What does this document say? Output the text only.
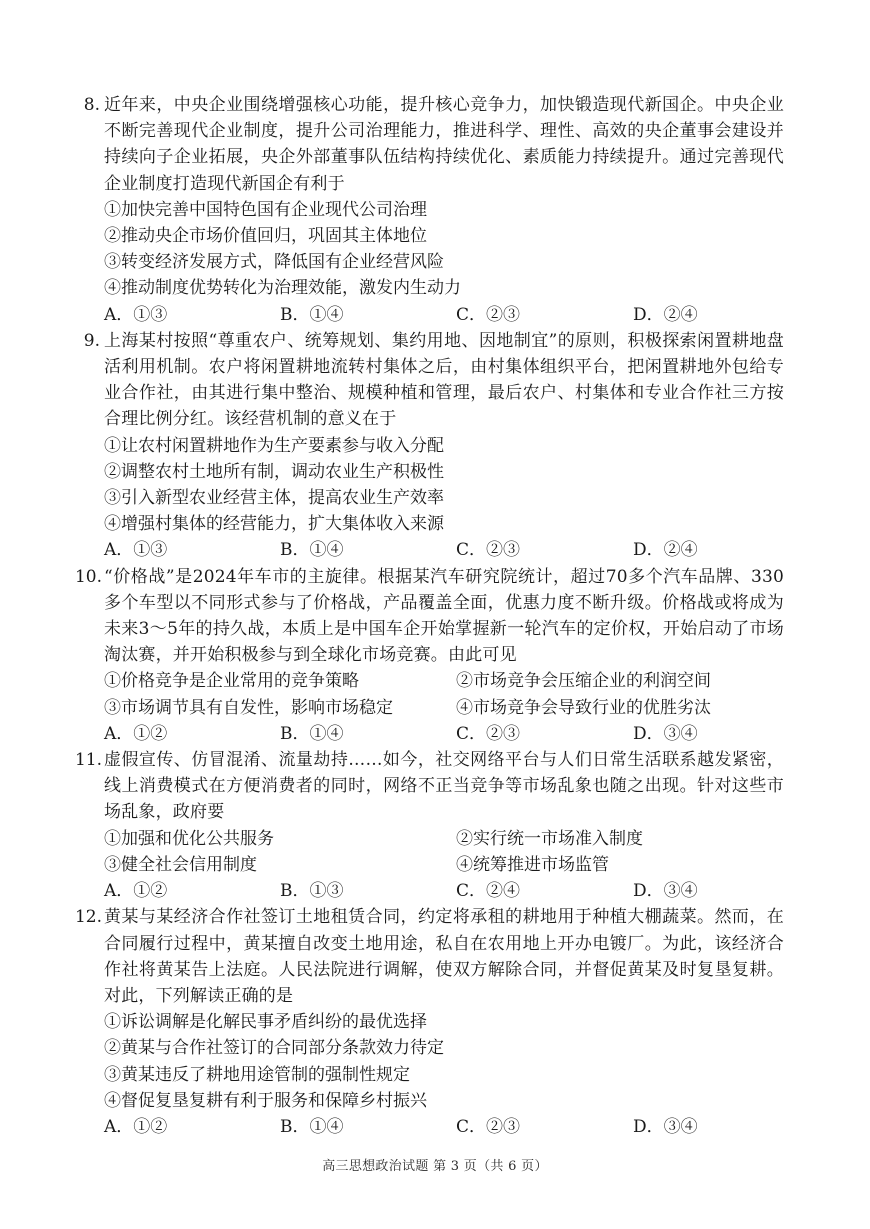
8. 近年来，中央企业围绕增强核心功能，提升核心竞争力，加快锻造现代新国企。中央企业不断完善现代企业制度，提升公司治理能力，推进科学、理性、高效的央企董事会建设并持续向子企业拓展，央企外部董事队伍结构持续优化、素质能力持续提升。通过完善现代企业制度打造现代新国企有利于
①加快完善中国特色国有企业现代公司治理
②推动央企市场价值回归，巩固其主体地位
③转变经济发展方式，降低国有企业经营风险
④推动制度优势转化为治理效能，激发内生动力
A．①③	B．①④	C．②③	D．②④
9. 上海某村按照“尊重农户、统筹规划、集约用地、因地制宜”的原则，积极探索闲置耕地盘活利用机制。农户将闲置耕地流转村集体之后，由村集体组织平台，把闲置耕地外包给专业合作社，由其进行集中整治、规模种植和管理，最后农户、村集体和专业合作社三方按合理比例分红。该经营机制的意义在于
①让农村闲置耕地作为生产要素参与收入分配
②调整农村土地所有制，调动农业生产积极性
③引入新型农业经营主体，提高农业生产效率
④增强村集体的经营能力，扩大集体收入来源
A．①③	B．①④	C．②③	D．②④
10. “价格战”是2024年车市的主旋律。根据某汽车研究院统计，超过70多个汽车品牌、330多个车型以不同形式参与了价格战，产品覆盖全面，优惠力度不断升级。价格战或将成为未来3～5年的持久战，本质上是中国车企开始掌握新一轮汽车的定价权，开始启动了市场淘汰赛，并开始积极参与到全球化市场竞赛。由此可见
①价格竞争是企业常用的竞争策略	②市场竞争会压缩企业的利润空间
③市场调节具有自发性，影响市场稳定	④市场竞争会导致行业的优胜劣汰
A．①②	B．①④	C．②③	D．③④
11. 虚假宣传、仿冒混淆、流量劫持……如今，社交网络平台与人们日常生活联系越发紧密，线上消费模式在方便消费者的同时，网络不正当竞争等市场乱象也随之出现。针对这些市场乱象，政府要
①加强和优化公共服务	②实行统一市场准入制度
③健全社会信用制度	④统筹推进市场监管
A．①②	B．①③	C．②④	D．③④
12. 黄某与某经济合作社签订土地租赁合同，约定将承租的耕地用于种植大棚蔬菜。然而，在合同履行过程中，黄某擅自改变土地用途，私自在农用地上开办电镀厂。为此，该经济合作社将黄某告上法庭。人民法院进行调解，使双方解除合同，并督促黄某及时复垦复耕。对此，下列解读正确的是
①诉讼调解是化解民事矛盾纠纷的最优选择
②黄某与合作社签订的合同部分条款效力待定
③黄某违反了耕地用途管制的强制性规定
④督促复垦复耕有利于服务和保障乡村振兴
A．①②	B．①④	C．②③	D．③④
高三思想政治试题 第 3 页（共 6 页）
